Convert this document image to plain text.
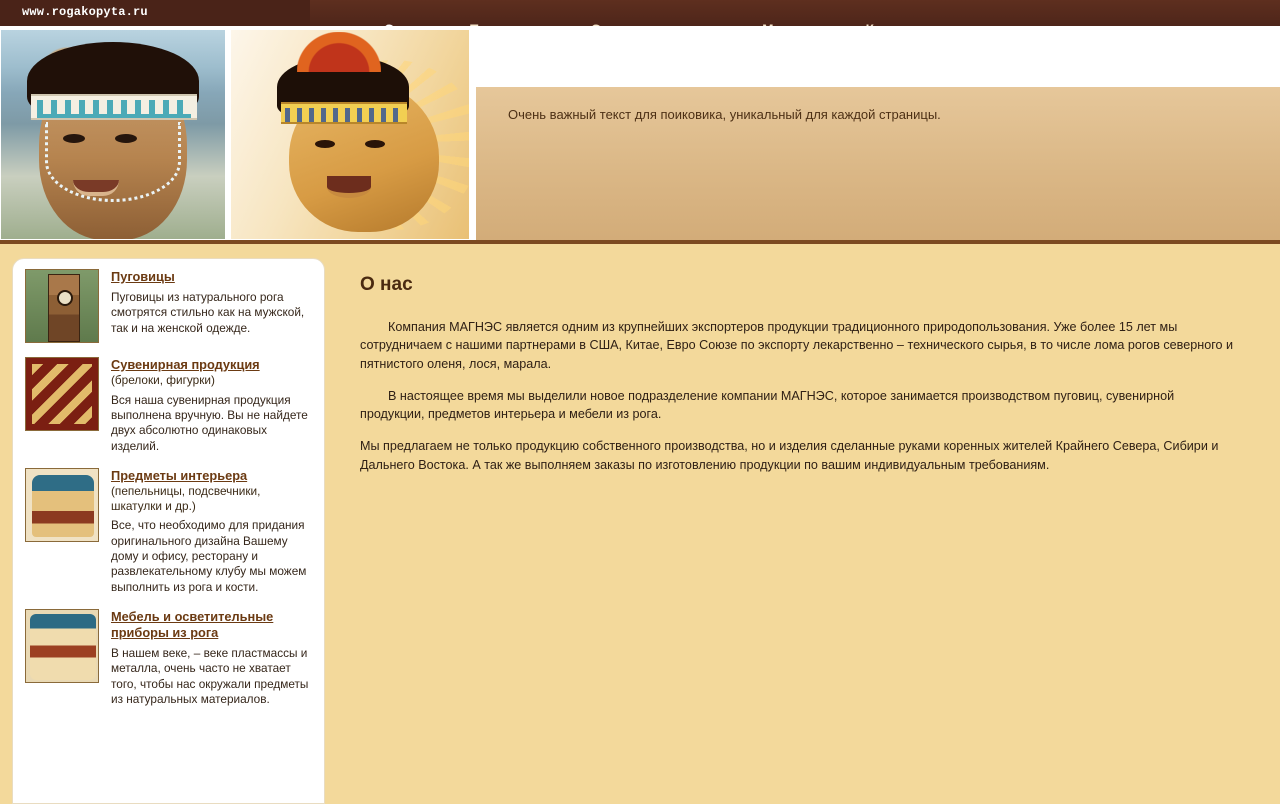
www.rogakopyta.ru
Очень важный текст для поиковика, уникальный для каждой страницы.
Пуговицы
Пуговицы из натурального рога смотрятся стильно как на мужской, так и на женской одежде.
Сувенирная продукция
(брелоки, фигурки)
Вся наша сувенирная продукция выполнена вручную. Вы не найдете двух абсолютно одинаковых изделий.
Предметы интерьера
(пепельницы, подсвечники, шкатулки и др.)
Все, что необходимо для придания оригинального дизайна Вашему дому и офису, ресторану и развлекательному клубу мы можем выполнить из рога и кости.
Мебель и осветительные приборы из рога
В нашем веке, – веке пластмассы и металла, очень часто не хватает того, чтобы нас окружали предметы из натуральных материалов.
О нас

Компания МАГНЭС является одним из крупнейших экспортеров продукции традиционного природопользования. Уже более 15 лет мы сотрудничаем с нашими партнерами в США, Китае, Евро Союзе по экспорту лекарственно – технического сырья, в то числе лома рогов северного и пятнистого оленя, лося, марала.

В настоящее время мы выделили новое подразделение компании МАГНЭС, которое занимается производством пуговиц, сувенирной продукции, предметов интерьера и мебели из рога.

Мы предлагаем не только продукцию собственного производства, но и изделия сделанные руками коренных жителей Крайнего Севера, Сибири и Дальнего Востока. А так же выполняем заказы по изготовлению продукции по вашим индивидуальным требованиям.
